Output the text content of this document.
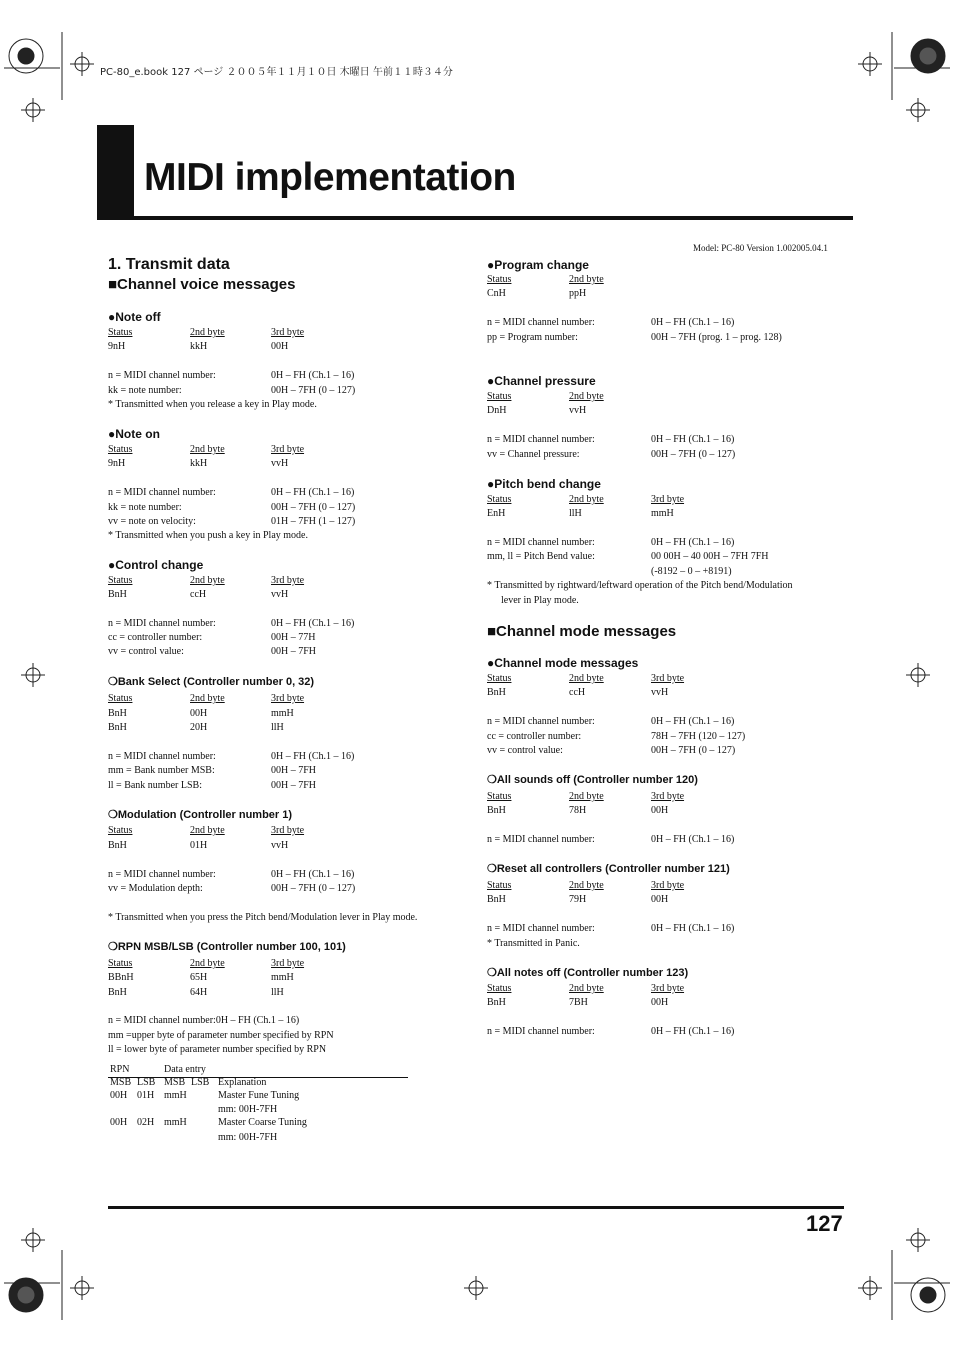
PC-80_e.book 127 ページ ２００５年１１月１０日 木曜日 午前１１時３４分
MIDI implementation
Model: PC-80 Version 1.002005.04.1
1. Transmit data
■Channel voice messages
●Note off
Status	2nd byte	3rd byte
9nH	kkH	00H
n = MIDI channel number:	0H – FH (Ch.1 – 16)
kk = note number:	00H – 7FH (0 – 127)
* Transmitted when you release a key in Play mode.
●Note on
Status	2nd byte	3rd byte
9nH	kkH	vvH
n = MIDI channel number:	0H – FH (Ch.1 – 16)
kk = note number:	00H – 7FH (0 – 127)
vv = note on velocity:	01H – 7FH (1 – 127)
* Transmitted when you push a key in Play mode.
●Control change
Status	2nd byte	3rd byte
BnH	ccH	vvH
n = MIDI channel number:	0H – FH (Ch.1 – 16)
cc = controller number:	00H – 77H
vv = control value:	00H – 7FH
❍Bank Select (Controller number 0, 32)
Status	2nd byte	3rd byte
BnH	00H	mmH
BnH	20H	llH
n = MIDI channel number:	0H – FH (Ch.1 – 16)
mm = Bank number MSB:	00H – 7FH
ll = Bank number LSB:	00H – 7FH
❍Modulation (Controller number 1)
Status	2nd byte	3rd byte
BnH	01H	vvH
n = MIDI channel number:	0H – FH (Ch.1 – 16)
vv = Modulation depth:	00H – 7FH (0 – 127)
* Transmitted when you press the Pitch bend/Modulation lever in Play mode.
❍RPN MSB/LSB (Controller number 100, 101)
Status	2nd byte	3rd byte
BBnH	65H	mmH
BnH	64H	llH
n = MIDI channel number:0H – FH (Ch.1 – 16)
mm =upper byte of parameter number specified by RPN
ll = lower byte of parameter number specified by RPN
RPN	Data entry
MSB LSB MSB LSB Explanation
00H 01H mmH	Master Fune Tuning
mm: 00H-7FH
00H 02H mmH	Master Coarse Tuning
mm: 00H-7FH
●Program change
Status	2nd byte
CnH	ppH
n = MIDI channel number:	0H – FH (Ch.1 – 16)
pp = Program number:	00H – 7FH (prog. 1 – prog. 128)
●Channel pressure
Status	2nd byte
DnH	vvH
n = MIDI channel number:	0H – FH (Ch.1 – 16)
vv = Channel pressure:	00H – 7FH (0 – 127)
●Pitch bend change
Status	2nd byte	3rd byte
EnH	llH	mmH
n = MIDI channel number:	0H – FH (Ch.1 – 16)
mm, ll = Pitch Bend value:	00 00H – 40 00H – 7FH 7FH
(-8192 – 0 – +8191)
* Transmitted by rightward/leftward operation of the Pitch bend/Modulation
lever in Play mode.
■Channel mode messages
●Channel mode messages
Status	2nd byte	3rd byte
BnH	ccH	vvH
n = MIDI channel number:	0H – FH (Ch.1 – 16)
cc = controller number:	78H – 7FH (120 – 127)
vv = control value:	00H – 7FH (0 – 127)
❍All sounds off (Controller number 120)
Status	2nd byte	3rd byte
BnH	78H	00H
n = MIDI channel number:	0H – FH (Ch.1 – 16)
❍Reset all controllers (Controller number 121)
Status	2nd byte	3rd byte
BnH	79H	00H
n = MIDI channel number:	0H – FH (Ch.1 – 16)
* Transmitted in Panic.
❍All notes off (Controller number 123)
Status	2nd byte	3rd byte
BnH	7BH	00H
n = MIDI channel number:	0H – FH (Ch.1 – 16)
127
